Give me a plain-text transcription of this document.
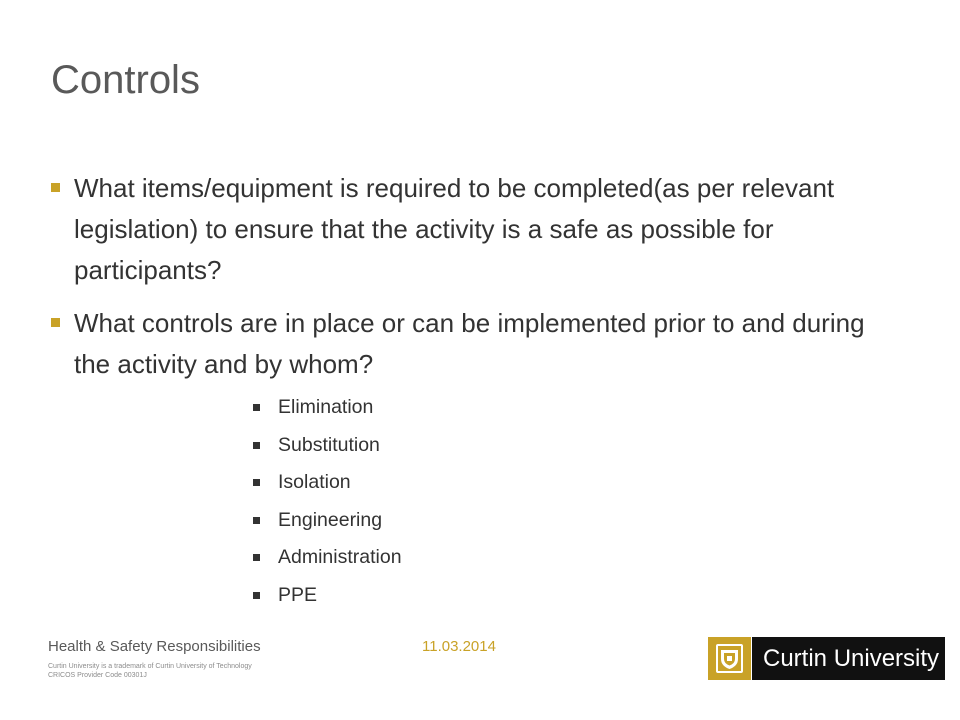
Controls
What items/equipment is required to be completed(as per relevant legislation) to ensure that the activity is a safe as possible for participants?
What controls are in place or can be implemented prior to and during the activity and by whom?
Elimination
Substitution
Isolation
Engineering
Administration
PPE
Health & Safety Responsibilities	11.03.2014
Curtin University is a trademark of Curtin University of Technology
CRICOS Provider Code 00301J
Curtin University
